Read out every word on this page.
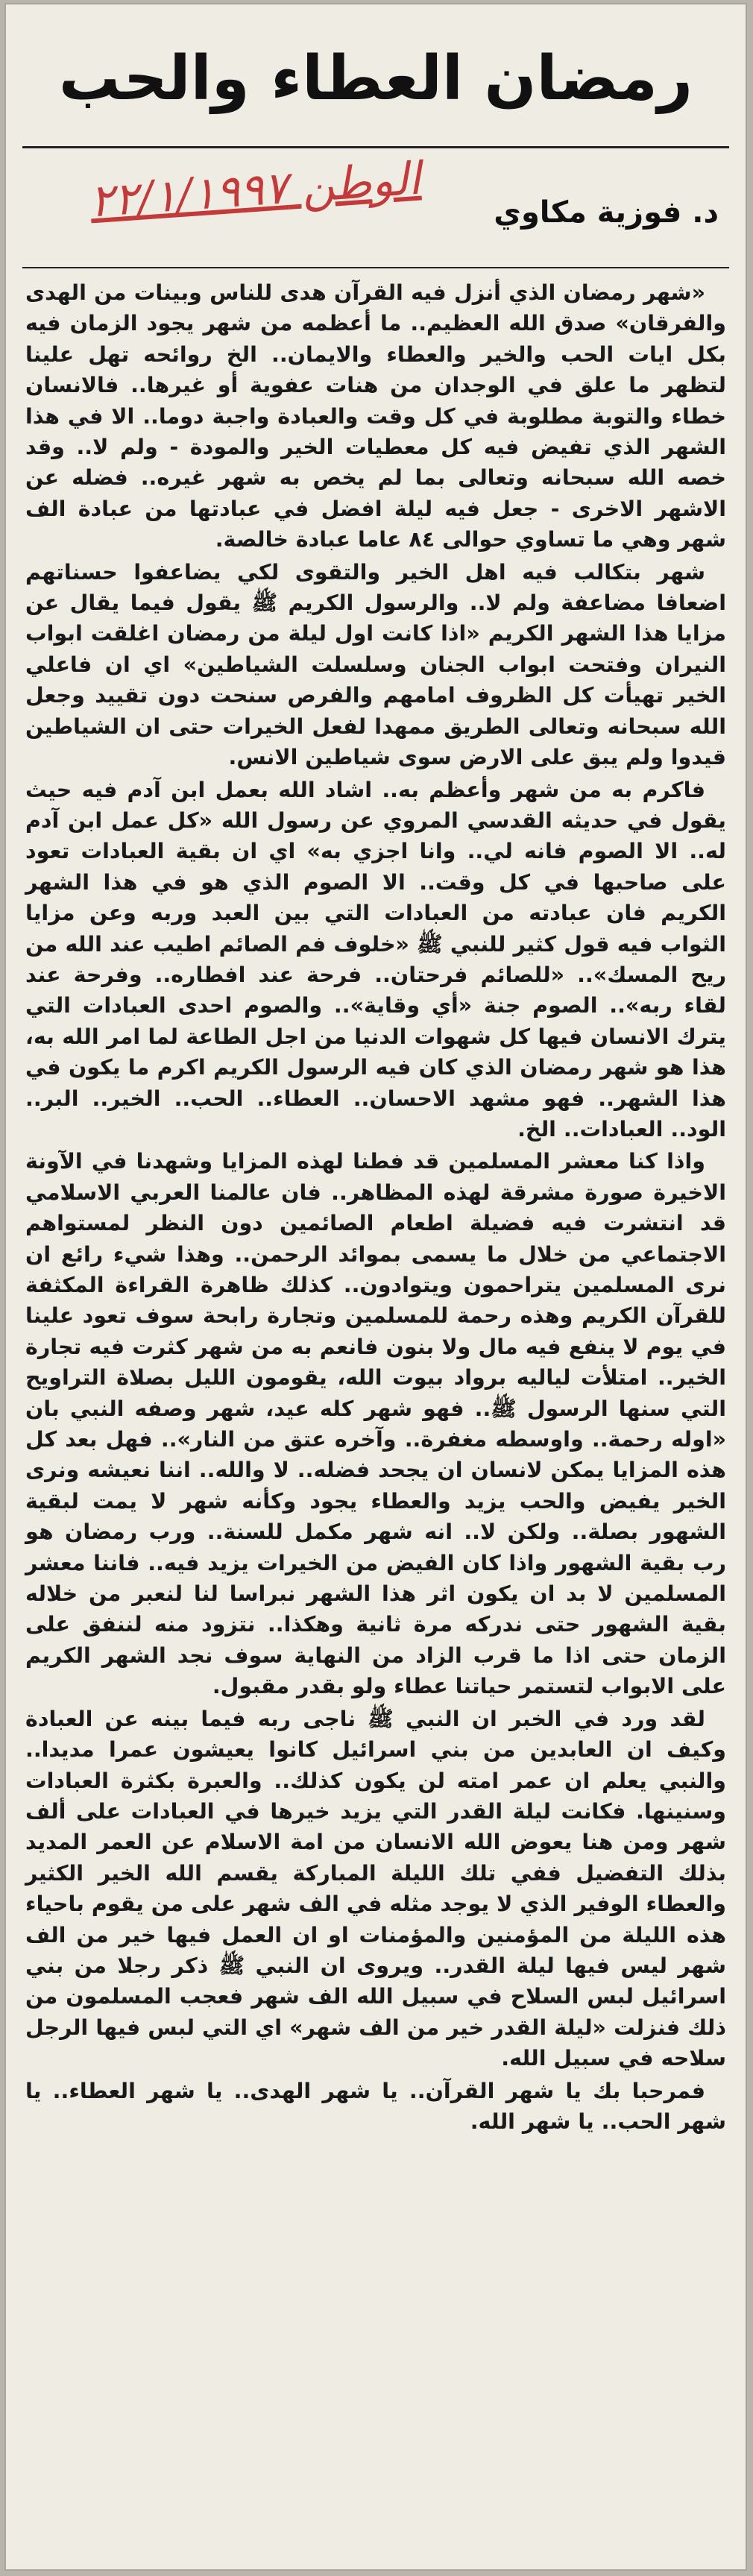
رمضان العطاء والحب
الوطن ٢٢/١/١٩٩٧ د. فوزية مكاوي

«شهر رمضان الذي أنزل فيه القرآن هدى للناس وبينات من الهدى والفرقان» صدق الله العظيم.. ما أعظمه من شهر يجود الزمان فيه بكل ايات الحب والخير والعطاء والايمان.. الخ روائحه تهل علينا لتظهر ما علق في الوجدان من هنات عفوية أو غيرها.. فالانسان خطاء والتوبة مطلوبة في كل وقت والعبادة واجبة دوما.. الا في هذا الشهر الذي تفيض فيه كل معطيات الخير والمودة - ولم لا.. وقد خصه الله سبحانه وتعالى بما لم يخص به شهر غيره.. فضله عن الاشهر الاخرى - جعل فيه ليلة افضل في عبادتها من عبادة الف شهر وهي ما تساوي حوالى ٨٤ عاما عبادة خالصة.

شهر بتكالب فيه اهل الخير والتقوى لكي يضاعفوا حسناتهم اضعافا مضاعفة ولم لا.. والرسول الكريم ﷺ يقول فيما يقال عن مزايا هذا الشهر الكريم «اذا كانت اول ليلة من رمضان اغلقت ابواب النيران وفتحت ابواب الجنان وسلسلت الشياطين» اي ان فاعلي الخير تهيأت كل الظروف امامهم والفرص سنحت دون تقييد وجعل الله سبحانه وتعالى الطريق ممهدا لفعل الخيرات حتى ان الشياطين قيدوا ولم يبق على الارض سوى شياطين الانس.

فاكرم به من شهر وأعظم به.. اشاد الله بعمل ابن آدم فيه حيث يقول في حديثه القدسي المروي عن رسول الله «كل عمل ابن آدم له.. الا الصوم فانه لي.. وانا اجزي به» اي ان بقية العبادات تعود على صاحبها في كل وقت.. الا الصوم الذي هو في هذا الشهر الكريم فان عبادته من العبادات التي بين العبد وربه وعن مزايا الثواب فيه قول كثير للنبي ﷺ «خلوف فم الصائم اطيب عند الله من ريح المسك».. «للصائم فرحتان.. فرحة عند افطاره.. وفرحة عند لقاء ربه».. الصوم جنة «أي وقاية».. والصوم احدى العبادات التي يترك الانسان فيها كل شهوات الدنيا من اجل الطاعة لما امر الله به، هذا هو شهر رمضان الذي كان فيه الرسول الكريم اكرم ما يكون في هذا الشهر.. فهو مشهد الاحسان.. العطاء.. الحب.. الخير.. البر.. الود.. العبادات.. الخ.

واذا كنا معشر المسلمين قد فطنا لهذه المزايا وشهدنا في الآونة الاخيرة صورة مشرقة لهذه المظاهر.. فان عالمنا العربي الاسلامي قد انتشرت فيه فضيلة اطعام الصائمين دون النظر لمستواهم الاجتماعي من خلال ما يسمى بموائد الرحمن.. وهذا شيء رائع ان نرى المسلمين يتراحمون ويتوادون.. كذلك ظاهرة القراءة المكثفة للقرآن الكريم وهذه رحمة للمسلمين وتجارة رابحة سوف تعود علينا في يوم لا ينفع فيه مال ولا بنون فانعم به من شهر كثرت فيه تجارة الخير.. امتلأت لياليه برواد بيوت الله، يقومون الليل بصلاة التراويح التي سنها الرسول ﷺ.. فهو شهر كله عيد، شهر وصفه النبي بان «اوله رحمة.. واوسطه مغفرة.. وآخره عتق من النار».. فهل بعد كل هذه المزايا يمكن لانسان ان يجحد فضله.. لا والله.. اننا نعيشه ونرى الخير يفيض والحب يزيد والعطاء يجود وكأنه شهر لا يمت لبقية الشهور بصلة.. ولكن لا.. انه شهر مكمل للسنة.. ورب رمضان هو رب بقية الشهور واذا كان الفيض من الخيرات يزيد فيه.. فاننا معشر المسلمين لا بد ان يكون اثر هذا الشهر نبراسا لنا لنعبر من خلاله بقية الشهور حتى ندركه مرة ثانية وهكذا.. نتزود منه لننفق على الزمان حتى اذا ما قرب الزاد من النهاية سوف نجد الشهر الكريم على الابواب لتستمر حياتنا عطاء ولو بقدر مقبول.

لقد ورد في الخبر ان النبي ﷺ ناجى ربه فيما بينه عن العبادة وكيف ان العابدين من بني اسرائيل كانوا يعيشون عمرا مديدا.. والنبي يعلم ان عمر امته لن يكون كذلك.. والعبرة بكثرة العبادات وسنينها. فكانت ليلة القدر التي يزيد خيرها في العبادات على ألف شهر ومن هنا يعوض الله الانسان من امة الاسلام عن العمر المديد بذلك التفضيل ففي تلك الليلة المباركة يقسم الله الخير الكثير والعطاء الوفير الذي لا يوجد مثله في الف شهر على من يقوم باحياء هذه الليلة من المؤمنين والمؤمنات او ان العمل فيها خير من الف شهر ليس فيها ليلة القدر.. ويروى ان النبي ﷺ ذكر رجلا من بني اسرائيل لبس السلاح في سبيل الله الف شهر فعجب المسلمون من ذلك فنزلت «ليلة القدر خير من الف شهر» اي التي لبس فيها الرجل سلاحه في سبيل الله.

فمرحبا بك يا شهر القرآن.. يا شهر الهدى.. يا شهر العطاء.. يا شهر الحب.. يا شهر الله.
